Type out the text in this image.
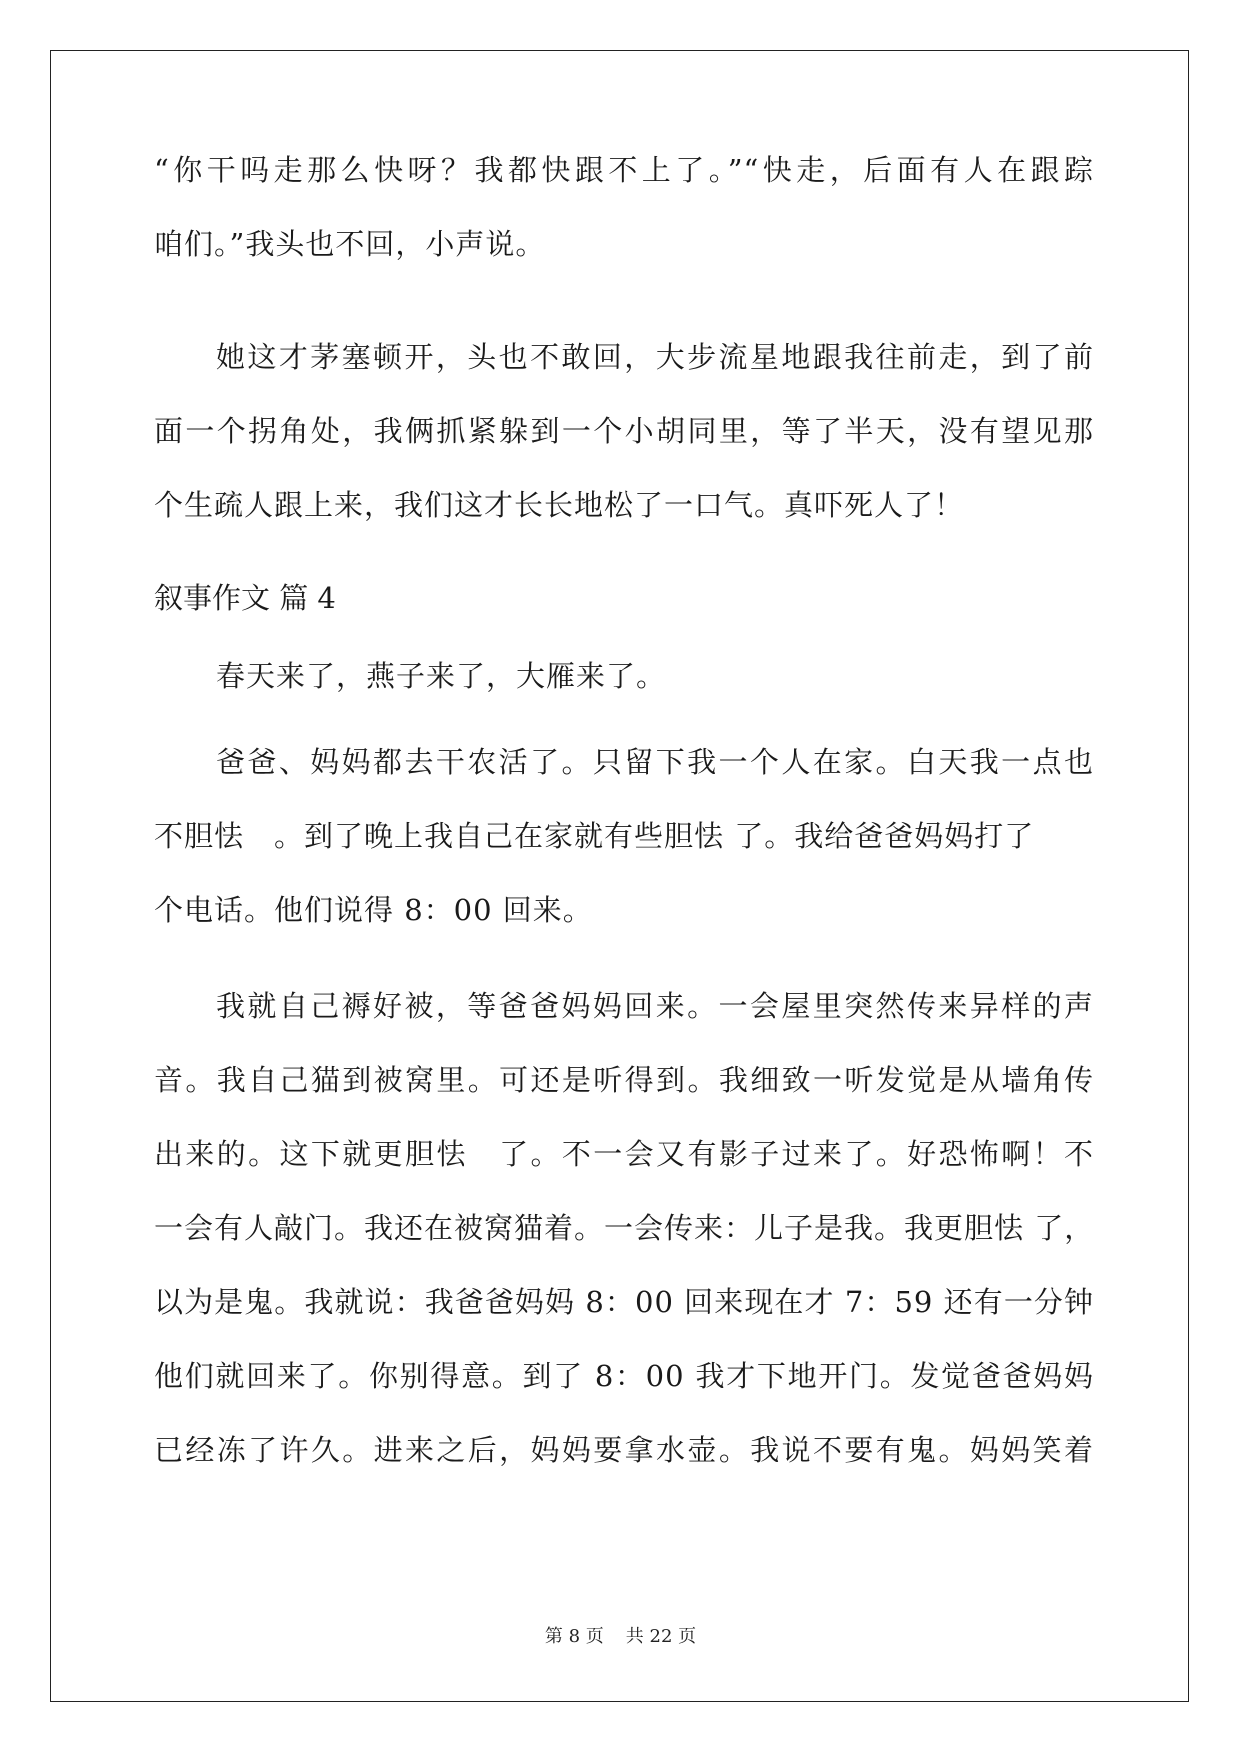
“你干吗走那么快呀？我都快跟不上了。”“快走，后面有人在跟踪
咱们。”我头也不回，小声说。
她这才茅塞顿开，头也不敢回，大步流星地跟我往前走，到了前
面一个拐角处，我俩抓紧躲到一个小胡同里，等了半天，没有望见那
个生疏人跟上来，我们这才长长地松了一口气。真吓死人了！
叙事作文 篇 4
春天来了，燕子来了，大雁来了。
爸爸、妈妈都去干农活了。只留下我一个人在家。白天我一点也
不胆怯　。到了晚上我自己在家就有些胆怯 了。我给爸爸妈妈打了
个电话。他们说得 8：00 回来。
我就自己褥好被，等爸爸妈妈回来。一会屋里突然传来异样的声
音。我自己猫到被窝里。可还是听得到。我细致一听发觉是从墙角传
出来的。这下就更胆怯　了。不一会又有影子过来了。好恐怖啊！不
一会有人敲门。我还在被窝猫着。一会传来：儿子是我。我更胆怯 了，
以为是鬼。我就说：我爸爸妈妈 8：00 回来现在才 7：59 还有一分钟
他们就回来了。你别得意。到了 8：00 我才下地开门。发觉爸爸妈妈
已经冻了许久。进来之后，妈妈要拿水壶。我说不要有鬼。妈妈笑着
第 8 页 共 22 页
